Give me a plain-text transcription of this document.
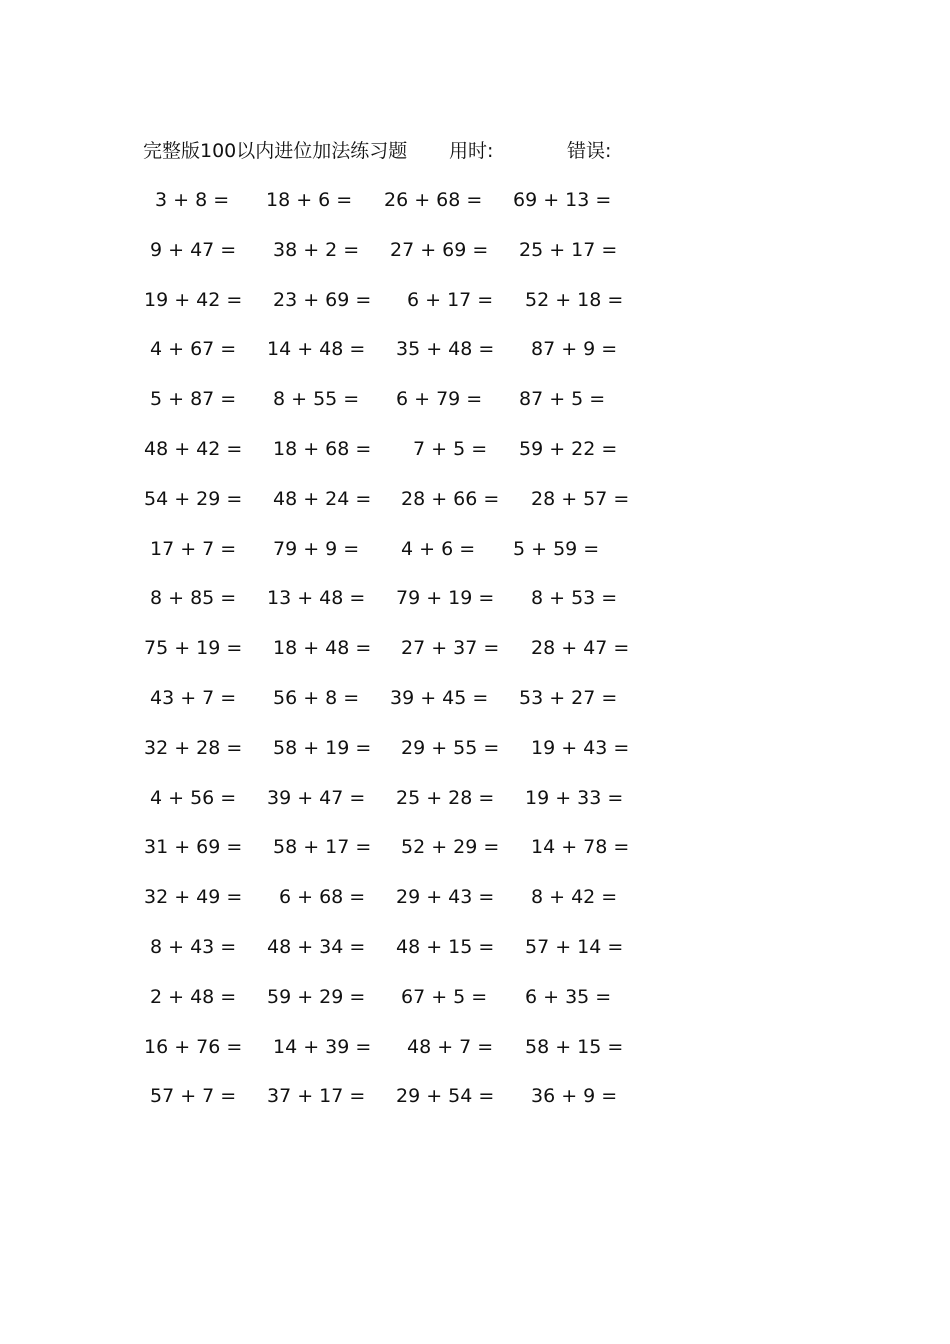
完整版100以内进位加法练习题 用时:	错误:
3 + 8 = 18 + 6 = 26 + 68 = 69 + 13 =
9 + 47 = 38 + 2 = 27 + 69 = 25 + 17 =
19 + 42 = 23 + 69 = 6 + 17 = 52 + 18 =
4 + 67 = 14 + 48 = 35 + 48 = 87 + 9 =
5 + 87 = 8 + 55 = 6 + 79 = 87 + 5 =
48 + 42 = 18 + 68 = 7 + 5 = 59 + 22 =
54 + 29 = 48 + 24 = 28 + 66 = 28 + 57 =
17 + 7 = 79 + 9 = 4 + 6 = 5 + 59 =
8 + 85 = 13 + 48 = 79 + 19 = 8 + 53 =
75 + 19 = 18 + 48 = 27 + 37 = 28 + 47 =
43 + 7 = 56 + 8 = 39 + 45 = 53 + 27 =
32 + 28 = 58 + 19 = 29 + 55 = 19 + 43 =
4 + 56 = 39 + 47 = 25 + 28 = 19 + 33 =
31 + 69 = 58 + 17 = 52 + 29 = 14 + 78 =
32 + 49 = 6 + 68 = 29 + 43 = 8 + 42 =
8 + 43 = 48 + 34 = 48 + 15 = 57 + 14 =
2 + 48 = 59 + 29 = 67 + 5 = 6 + 35 =
16 + 76 = 14 + 39 = 48 + 7 = 58 + 15 =
57 + 7 = 37 + 17 = 29 + 54 = 36 + 9 =
